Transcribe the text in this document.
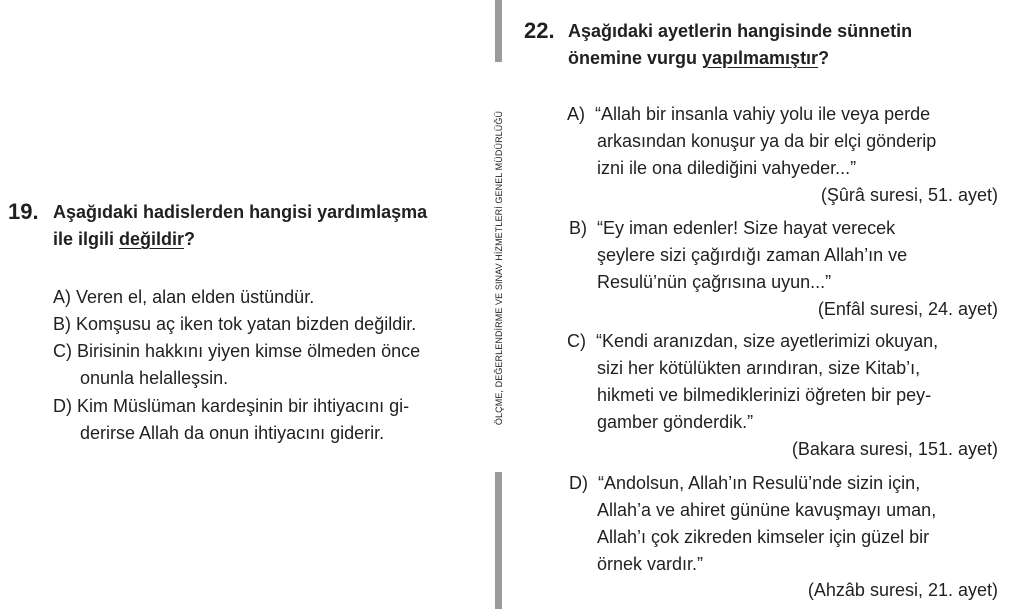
ÖLÇME, DEĞERLENDİRME VE SINAV HİZMETLERİ GENEL MÜDÜRLÜĞÜ
19. Aşağıdaki hadislerden hangisi yardımlaşma
ile ilgili değildir?
A) Veren el, alan elden üstündür.
B) Komşusu aç iken tok yatan bizden değildir.
C) Birisinin hakkını yiyen kimse ölmeden önce
onunla helalleşsin.
D) Kim Müslüman kardeşinin bir ihtiyacını gi-
derirse Allah da onun ihtiyacını giderir.
22. Aşağıdaki ayetlerin hangisinde sünnetin
önemine vurgu yapılmamıştır?
A) “Allah bir insanla vahiy yolu ile veya perde
arkasından konuşur ya da bir elçi gönderip
izni ile ona dilediğini vahyeder...”
(Şûrâ suresi, 51. ayet)
B) “Ey iman edenler! Size hayat verecek
şeylere sizi çağırdığı zaman Allah’ın ve
Resulü’nün çağrısına uyun...”
(Enfâl suresi, 24. ayet)
C) “Kendi aranızdan, size ayetlerimizi okuyan,
sizi her kötülükten arındıran, size Kitab’ı,
hikmeti ve bilmediklerinizi öğreten bir pey-
gamber gönderdik.”
(Bakara suresi, 151. ayet)
D) “Andolsun, Allah’ın Resulü’nde sizin için,
Allah’a ve ahiret gününe kavuşmayı uman,
Allah’ı çok zikreden kimseler için güzel bir
örnek vardır.”
(Ahzâb suresi, 21. ayet)
